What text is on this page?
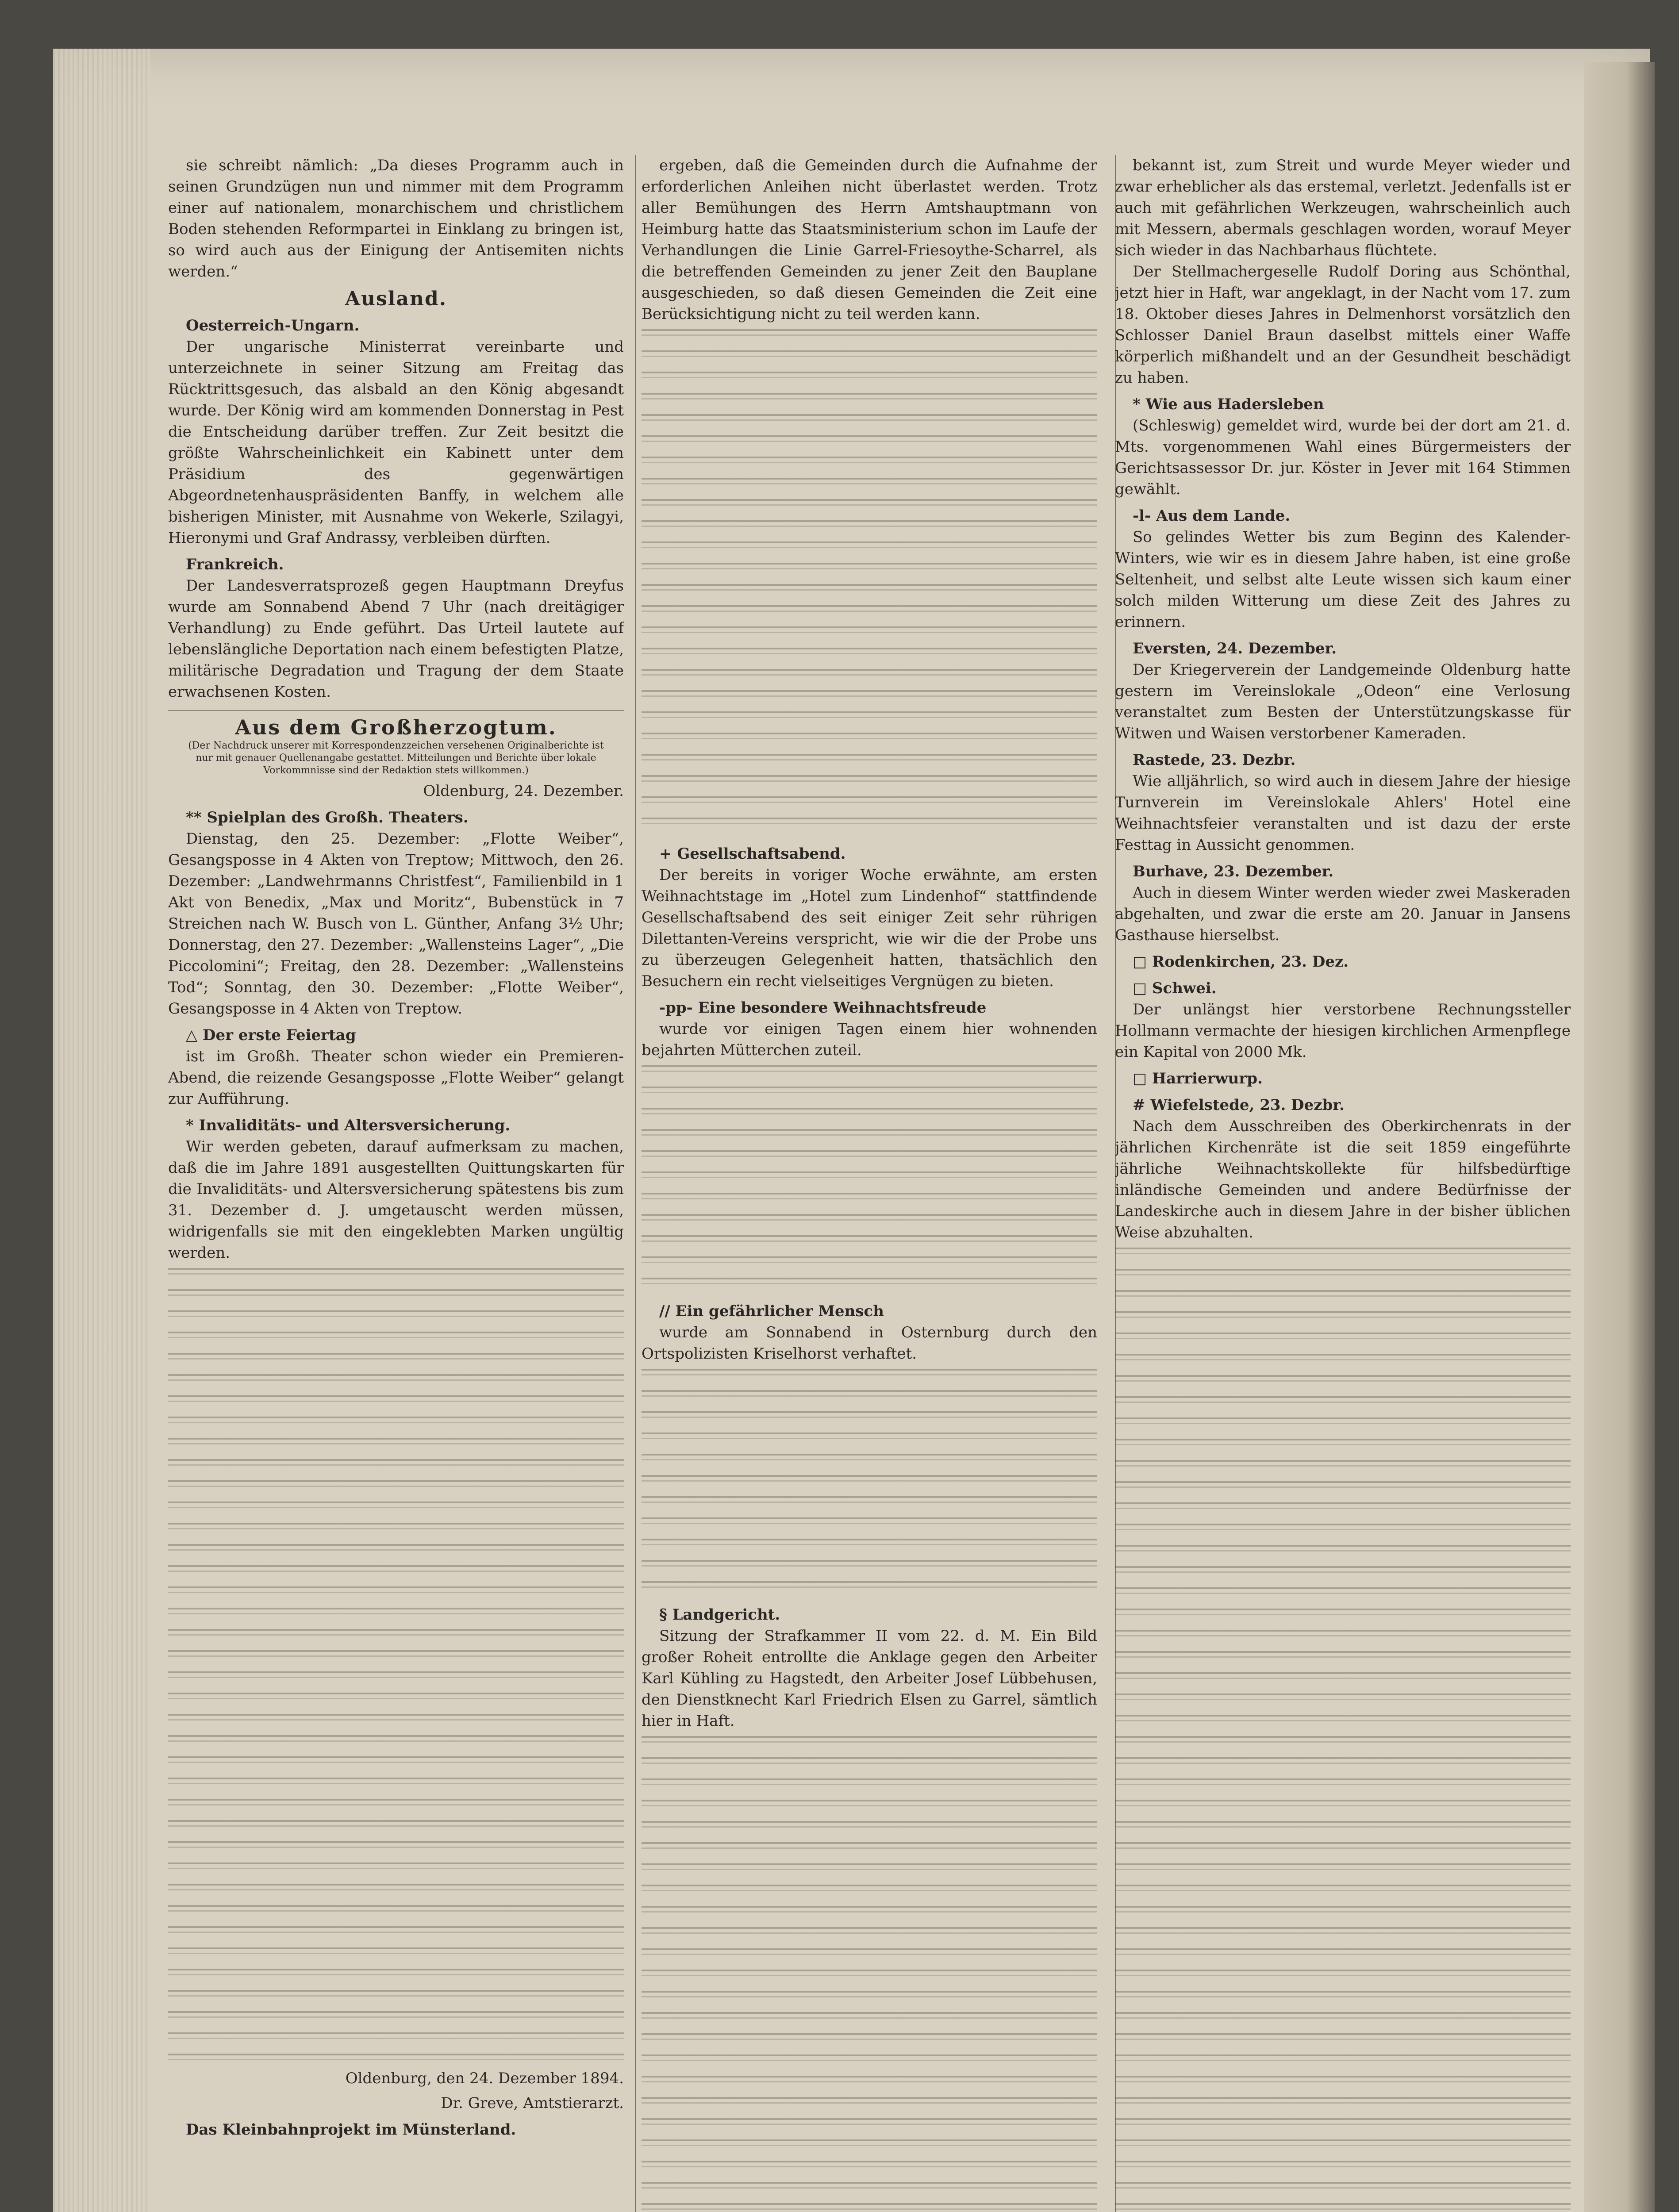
sie schreibt nämlich: „Da dieses Programm auch in seinen Grundzügen nun und nimmer mit dem Programm einer auf nationalem, monarchischem und christlichem Boden stehenden Reformpartei in Einklang zu bringen ist, so wird auch aus der Einigung der Antisemiten nichts werden.“

Ausland.

Oesterreich-Ungarn.

Der ungarische Ministerrat vereinbarte und unterzeichnete in seiner Sitzung am Freitag das Rücktrittsgesuch, das alsbald an den König abgesandt wurde. Der König wird am kommenden Donnerstag in Pest die Entscheidung darüber treffen. Zur Zeit besitzt die größte Wahrscheinlichkeit ein Kabinett unter dem Präsidium des gegenwärtigen Abgeordnetenhauspräsidenten Banffy, in welchem alle bisherigen Minister, mit Ausnahme von Wekerle, Szilagyi, Hieronymi und Graf Andrassy, verbleiben dürften.

Frankreich.

Der Landesverratsprozeß gegen Hauptmann Dreyfus wurde am Sonnabend Abend 7 Uhr (nach dreitägiger Verhandlung) zu Ende geführt. Das Urteil lautete auf lebenslängliche Deportation nach einem befestigten Platze, militärische Degradation und Tragung der dem Staate erwachsenen Kosten.

Aus dem Großherzogtum.
(Der Nachdruck unserer mit Korrespondenzzeichen versehenen Originalberichte ist nur mit genauer Quellenangabe gestattet. Mitteilungen und Berichte über lokale Vorkommnisse sind der Redaktion stets willkommen.)
Oldenburg, 24. Dezember.

** Spielplan des Großh. Theaters.

Dienstag, den 25. Dezember: „Flotte Weiber“, Gesangsposse in 4 Akten von Treptow; Mittwoch, den 26. Dezember: „Landwehrmanns Christfest“, Familienbild in 1 Akt von Benedix, „Max und Moritz“, Bubenstück in 7 Streichen nach W. Busch von L. Günther, Anfang 3½ Uhr; Donnerstag, den 27. Dezember: „Wallensteins Lager“, „Die Piccolomini“; Freitag, den 28. Dezember: „Wallensteins Tod“; Sonntag, den 30. Dezember: „Flotte Weiber“, Gesangsposse in 4 Akten von Treptow.

△ Der erste Feiertag

ist im Großh. Theater schon wieder ein Premieren-Abend, die reizende Gesangsposse „Flotte Weiber“ gelangt zur Aufführung.

* Invaliditäts- und Altersversicherung.

Wir werden gebeten, darauf aufmerksam zu machen, daß die im Jahre 1891 ausgestellten Quittungskarten für die Invaliditäts- und Altersversicherung spätestens bis zum 31. Dezember d. J. umgetauscht werden müssen, widrigenfalls sie mit den eingeklebten Marken ungültig werden.

Oldenburg, den 24. Dezember 1894.
Dr. Greve, Amtstierarzt.

Das Kleinbahnprojekt im Münsterland.

ergeben, daß die Gemeinden durch die Aufnahme der erforderlichen Anleihen nicht überlastet werden. Trotz aller Bemühungen des Herrn Amtshauptmann von Heimburg hatte das Staatsministerium schon im Laufe der Verhandlungen die Linie Garrel-Friesoythe-Scharrel, als die betreffenden Gemeinden zu jener Zeit den Bauplane ausgeschieden, so daß diesen Gemeinden die Zeit eine Berücksichtigung nicht zu teil werden kann.

+ Gesellschaftsabend.

Der bereits in voriger Woche erwähnte, am ersten Weihnachtstage im „Hotel zum Lindenhof“ stattfindende Gesellschaftsabend des seit einiger Zeit sehr rührigen Dilettanten-Vereins verspricht, wie wir die der Probe uns zu überzeugen Gelegenheit hatten, thatsächlich den Besuchern ein recht vielseitiges Vergnügen zu bieten.

-pp- Eine besondere Weihnachtsfreude

wurde vor einigen Tagen einem hier wohnenden bejahrten Mütterchen zuteil.

// Ein gefährlicher Mensch

wurde am Sonnabend in Osternburg durch den Ortspolizisten Kriselhorst verhaftet.

§ Landgericht.

Sitzung der Strafkammer II vom 22. d. M. Ein Bild großer Roheit entrollte die Anklage gegen den Arbeiter Karl Kühling zu Hagstedt, den Arbeiter Josef Lübbehusen, den Dienstknecht Karl Friedrich Elsen zu Garrel, sämtlich hier in Haft.

bekannt ist, zum Streit und wurde Meyer wieder und zwar erheblicher als das erstemal, verletzt. Jedenfalls ist er auch mit gefährlichen Werkzeugen, wahrscheinlich auch mit Messern, abermals geschlagen worden, worauf Meyer sich wieder in das Nachbarhaus flüchtete.

Der Stellmachergeselle Rudolf Doring aus Schönthal, jetzt hier in Haft, war angeklagt, in der Nacht vom 17. zum 18. Oktober dieses Jahres in Delmenhorst vorsätzlich den Schlosser Daniel Braun daselbst mittels einer Waffe körperlich mißhandelt und an der Gesundheit beschädigt zu haben.

* Wie aus Hadersleben

(Schleswig) gemeldet wird, wurde bei der dort am 21. d. Mts. vorgenommenen Wahl eines Bürgermeisters der Gerichtsassessor Dr. jur. Köster in Jever mit 164 Stimmen gewählt.

-l- Aus dem Lande.

So gelindes Wetter bis zum Beginn des Kalender-Winters, wie wir es in diesem Jahre haben, ist eine große Seltenheit, und selbst alte Leute wissen sich kaum einer solch milden Witterung um diese Zeit des Jahres zu erinnern.

Eversten, 24. Dezember.

Der Kriegerverein der Landgemeinde Oldenburg hatte gestern im Vereinslokale „Odeon“ eine Verlosung veranstaltet zum Besten der Unterstützungskasse für Witwen und Waisen verstorbener Kameraden.

Rastede, 23. Dezbr.

Wie alljährlich, so wird auch in diesem Jahre der hiesige Turnverein im Vereinslokale Ahlers' Hotel eine Weihnachtsfeier veranstalten und ist dazu der erste Festtag in Aussicht genommen.

Burhave, 23. Dezember.

Auch in diesem Winter werden wieder zwei Maskeraden abgehalten, und zwar die erste am 20. Januar in Jansens Gasthause hierselbst.

□ Rodenkirchen, 23. Dez.

□ Schwei.

Der unlängst hier verstorbene Rechnungssteller Hollmann vermachte der hiesigen kirchlichen Armenpflege ein Kapital von 2000 Mk.

□ Harrierwurp.

# Wiefelstede, 23. Dezbr.

Nach dem Ausschreiben des Oberkirchenrats in der jährlichen Kirchenräte ist die seit 1859 eingeführte jährliche Weihnachtskollekte für hilfsbedürftige inländische Gemeinden und andere Bedürfnisse der Landeskirche auch in diesem Jahre in der bisher üblichen Weise abzuhalten.
